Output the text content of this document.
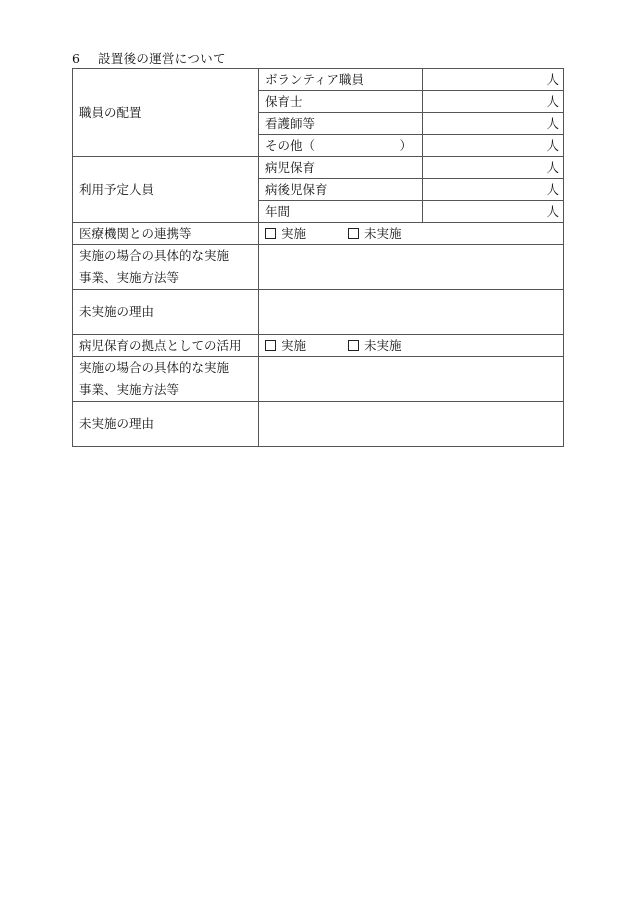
6 設置後の運営について
職員の配置	ボランティア職員	人
	保育士	人
	看護師等	人
	その他（ ）	人
利用予定人員	病児保育	人
	病後児保育	人
	年間	人
医療機関との連携等	実施 未実施	
実施の場合の具体的な実施
事業、実施方法等		
未実施の理由		
病児保育の拠点としての活用	実施 未実施	
実施の場合の具体的な実施
事業、実施方法等		
未実施の理由		
